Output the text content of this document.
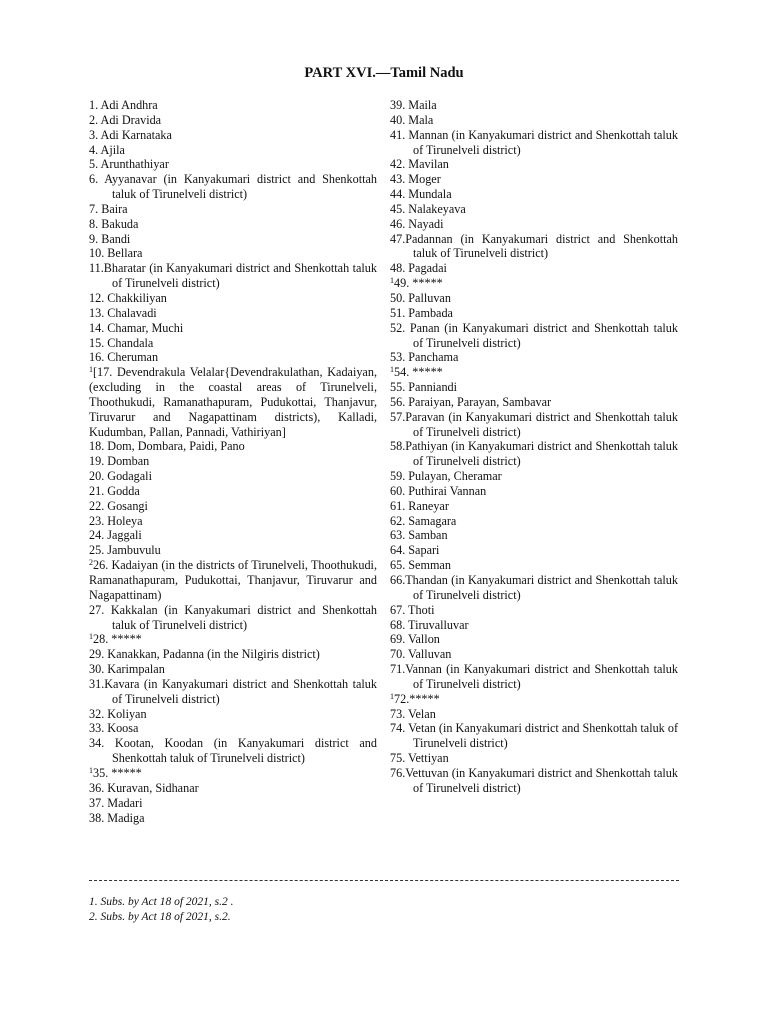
PART XVI.—Tamil Nadu
1. Adi Andhra
2. Adi Dravida
3. Adi Karnataka
4. Ajila
5. Arunthathiyar
6. Ayyanavar (in Kanyakumari district and Shenkottah taluk of Tirunelveli district)
7. Baira
8. Bakuda
9. Bandi
10. Bellara
11.Bharatar (in Kanyakumari district and Shenkottah taluk of Tirunelveli district)
12. Chakkiliyan
13. Chalavadi
14. Chamar, Muchi
15. Chandala
16. Cheruman
$^1$[17. Devendrakula Velalar{Devendrakulathan, Kadaiyan,(excluding in the coastal areas of Tirunelveli, Thoothukudi, Ramanathapuram, Pudukottai, Thanjavur, Tiruvarur and Nagapattinam districts), Kalladi, Kudumban, Pallan, Pannadi, Vathiriyan]
18. Dom, Dombara, Paidi, Pano
19. Domban
20. Godagali
21. Godda
22. Gosangi
23. Holeya
24. Jaggali
25. Jambuvulu
$^2$26. Kadaiyan (in the districts of Tirunelveli, Thoothukudi, Ramanathapuram, Pudukottai, Thanjavur, Tiruvarur and Nagapattinam)
27. Kakkalan (in Kanyakumari district and Shenkottah taluk of Tirunelveli district)
$^1$28. *****
29. Kanakkan, Padanna (in the Nilgiris district)
30. Karimpalan
31.Kavara (in Kanyakumari district and Shenkottah taluk of Tirunelveli district)
32. Koliyan
33. Koosa
34. Kootan, Koodan (in Kanyakumari district and Shenkottah taluk of Tirunelveli district)
$^1$35. *****
36. Kuravan, Sidhanar
37. Madari
38. Madiga
39. Maila
40. Mala
41. Mannan (in Kanyakumari district and Shenkottah taluk of Tirunelveli district)
42. Mavilan
43. Moger
44. Mundala
45. Nalakeyava
46. Nayadi
47.Padannan (in Kanyakumari district and Shenkottah taluk of Tirunelveli district)
48. Pagadai
$^1$49. *****
50. Palluvan
51. Pambada
52. Panan (in Kanyakumari district and Shenkottah taluk of Tirunelveli district)
53. Panchama
$^1$54. *****
55. Panniandi
56. Paraiyan, Parayan, Sambavar
57.Paravan (in Kanyakumari district and Shenkottah taluk of Tirunelveli district)
58.Pathiyan (in Kanyakumari district and Shenkottah taluk of Tirunelveli district)
59. Pulayan, Cheramar
60. Puthirai Vannan
61. Raneyar
62. Samagara
63. Samban
64. Sapari
65. Semman
66.Thandan (in Kanyakumari district and Shenkottah taluk of Tirunelveli district)
67. Thoti
68. Tiruvalluvar
69. Vallon
70. Valluvan
71.Vannan (in Kanyakumari district and Shenkottah taluk of Tirunelveli district)
$^1$72.*****
73. Velan
74. Vetan (in Kanyakumari district and Shenkottah taluk of Tirunelveli district)
75. Vettiyan
76.Vettuvan (in Kanyakumari district and Shenkottah taluk of Tirunelveli district)
1. Subs. by Act 18 of 2021, s.2 .
2. Subs. by Act 18 of 2021, s.2.
